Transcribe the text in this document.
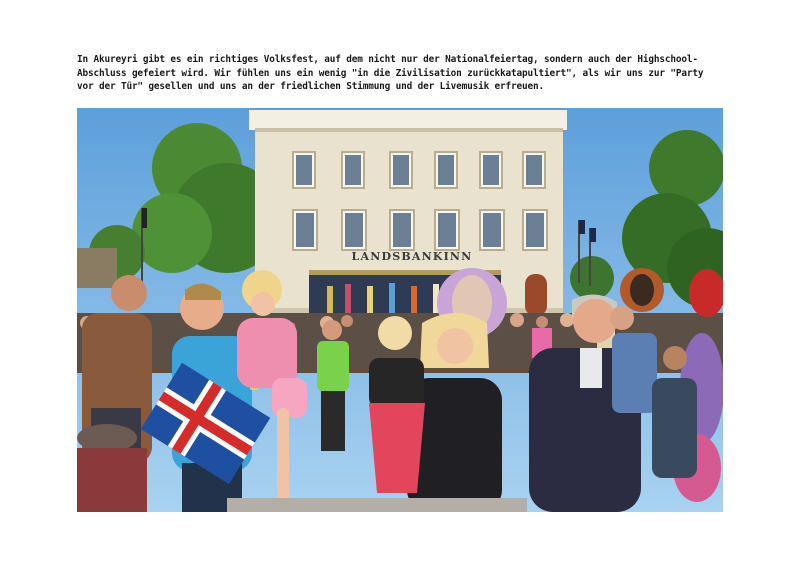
In Akureyri gibt es ein richtiges Volksfest, auf dem nicht nur der Nationalfeiertag, sondern auch der Highschool-
Abschluss gefeiert wird. Wir fühlen uns ein wenig "in die Zivilisation zurückkatapultiert", als wir uns zur "Party
vor der Tür" gesellen und uns an der friedlichen Stimmung und der Livemusik erfreuen.

LANDSBANKINN
